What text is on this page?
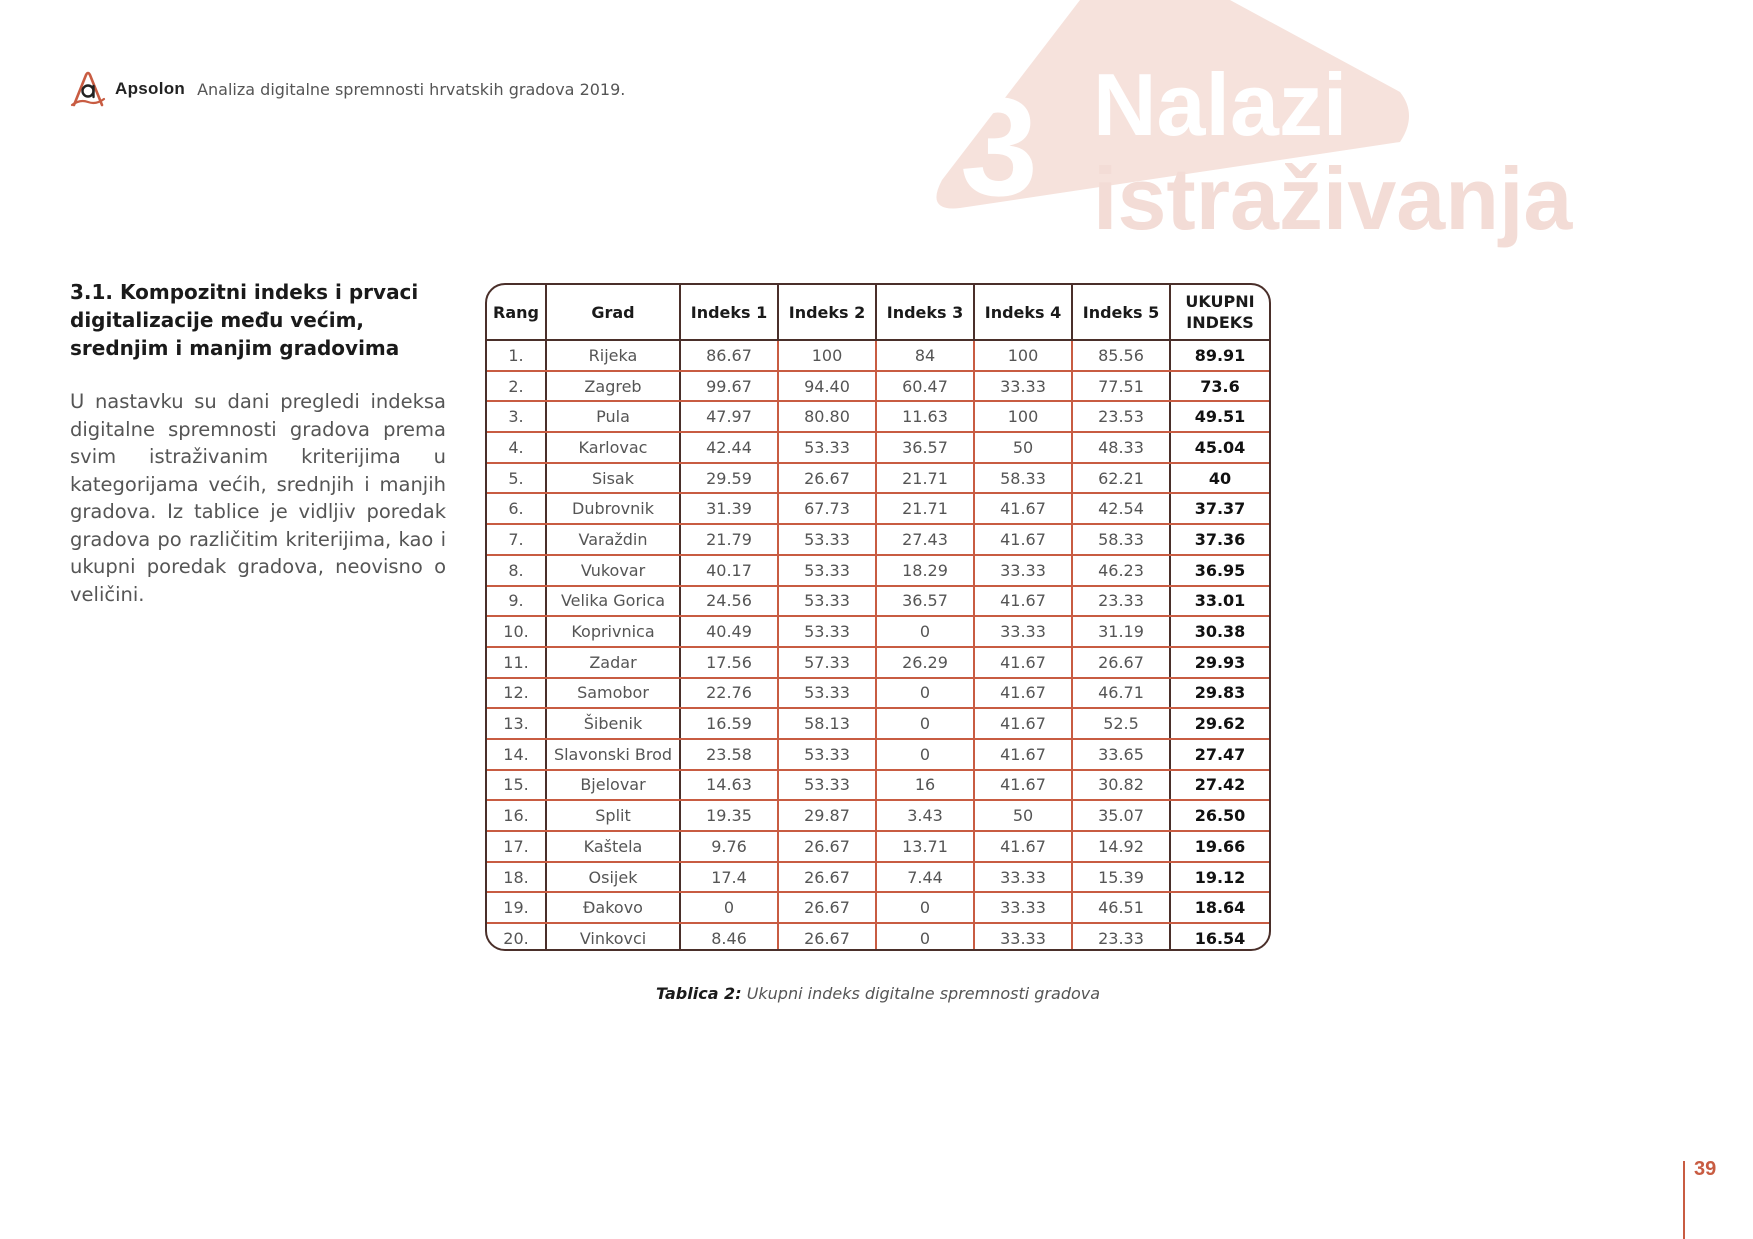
Apsolon Analiza digitalne spremnosti hrvatskih gradova 2019. 3 Nalazi
istraživanja
3.1. Kompozitni indeks i prvaci digitalizacije među većim, srednjim i manjim gradovima

U nastavku su dani pregledi indeksa digitalne spremnosti gradova prema svim istraživanim kriterijima u kategorijama većih, srednjih i manjih gradova. Iz tablice je vidljiv poredak gradova po različitim kriterijima, kao i ukupni poredak gradova, neovisno o veličini.

Rang	Grad	Indeks 1	Indeks 2	Indeks 3	Indeks 4	Indeks 5	UKUPNI INDEKS
1.	Rijeka	86.67	100	84	100	85.56	89.91
2.	Zagreb	99.67	94.40	60.47	33.33	77.51	73.6
3.	Pula	47.97	80.80	11.63	100	23.53	49.51
4.	Karlovac	42.44	53.33	36.57	50	48.33	45.04
5.	Sisak	29.59	26.67	21.71	58.33	62.21	40
6.	Dubrovnik	31.39	67.73	21.71	41.67	42.54	37.37
7.	Varaždin	21.79	53.33	27.43	41.67	58.33	37.36
8.	Vukovar	40.17	53.33	18.29	33.33	46.23	36.95
9.	Velika Gorica	24.56	53.33	36.57	41.67	23.33	33.01
10.	Koprivnica	40.49	53.33	0	33.33	31.19	30.38
11.	Zadar	17.56	57.33	26.29	41.67	26.67	29.93
12.	Samobor	22.76	53.33	0	41.67	46.71	29.83
13.	Šibenik	16.59	58.13	0	41.67	52.5	29.62
14.	Slavonski Brod	23.58	53.33	0	41.67	33.65	27.47
15.	Bjelovar	14.63	53.33	16	41.67	30.82	27.42
16.	Split	19.35	29.87	3.43	50	35.07	26.50
17.	Kaštela	9.76	26.67	13.71	41.67	14.92	19.66
18.	Osijek	17.4	26.67	7.44	33.33	15.39	19.12
19.	Đakovo	0	26.67	0	33.33	46.51	18.64
20.	Vinkovci	8.46	26.67	0	33.33	23.33	16.54
Tablica 2: Ukupni indeks digitalne spremnosti gradova
39
